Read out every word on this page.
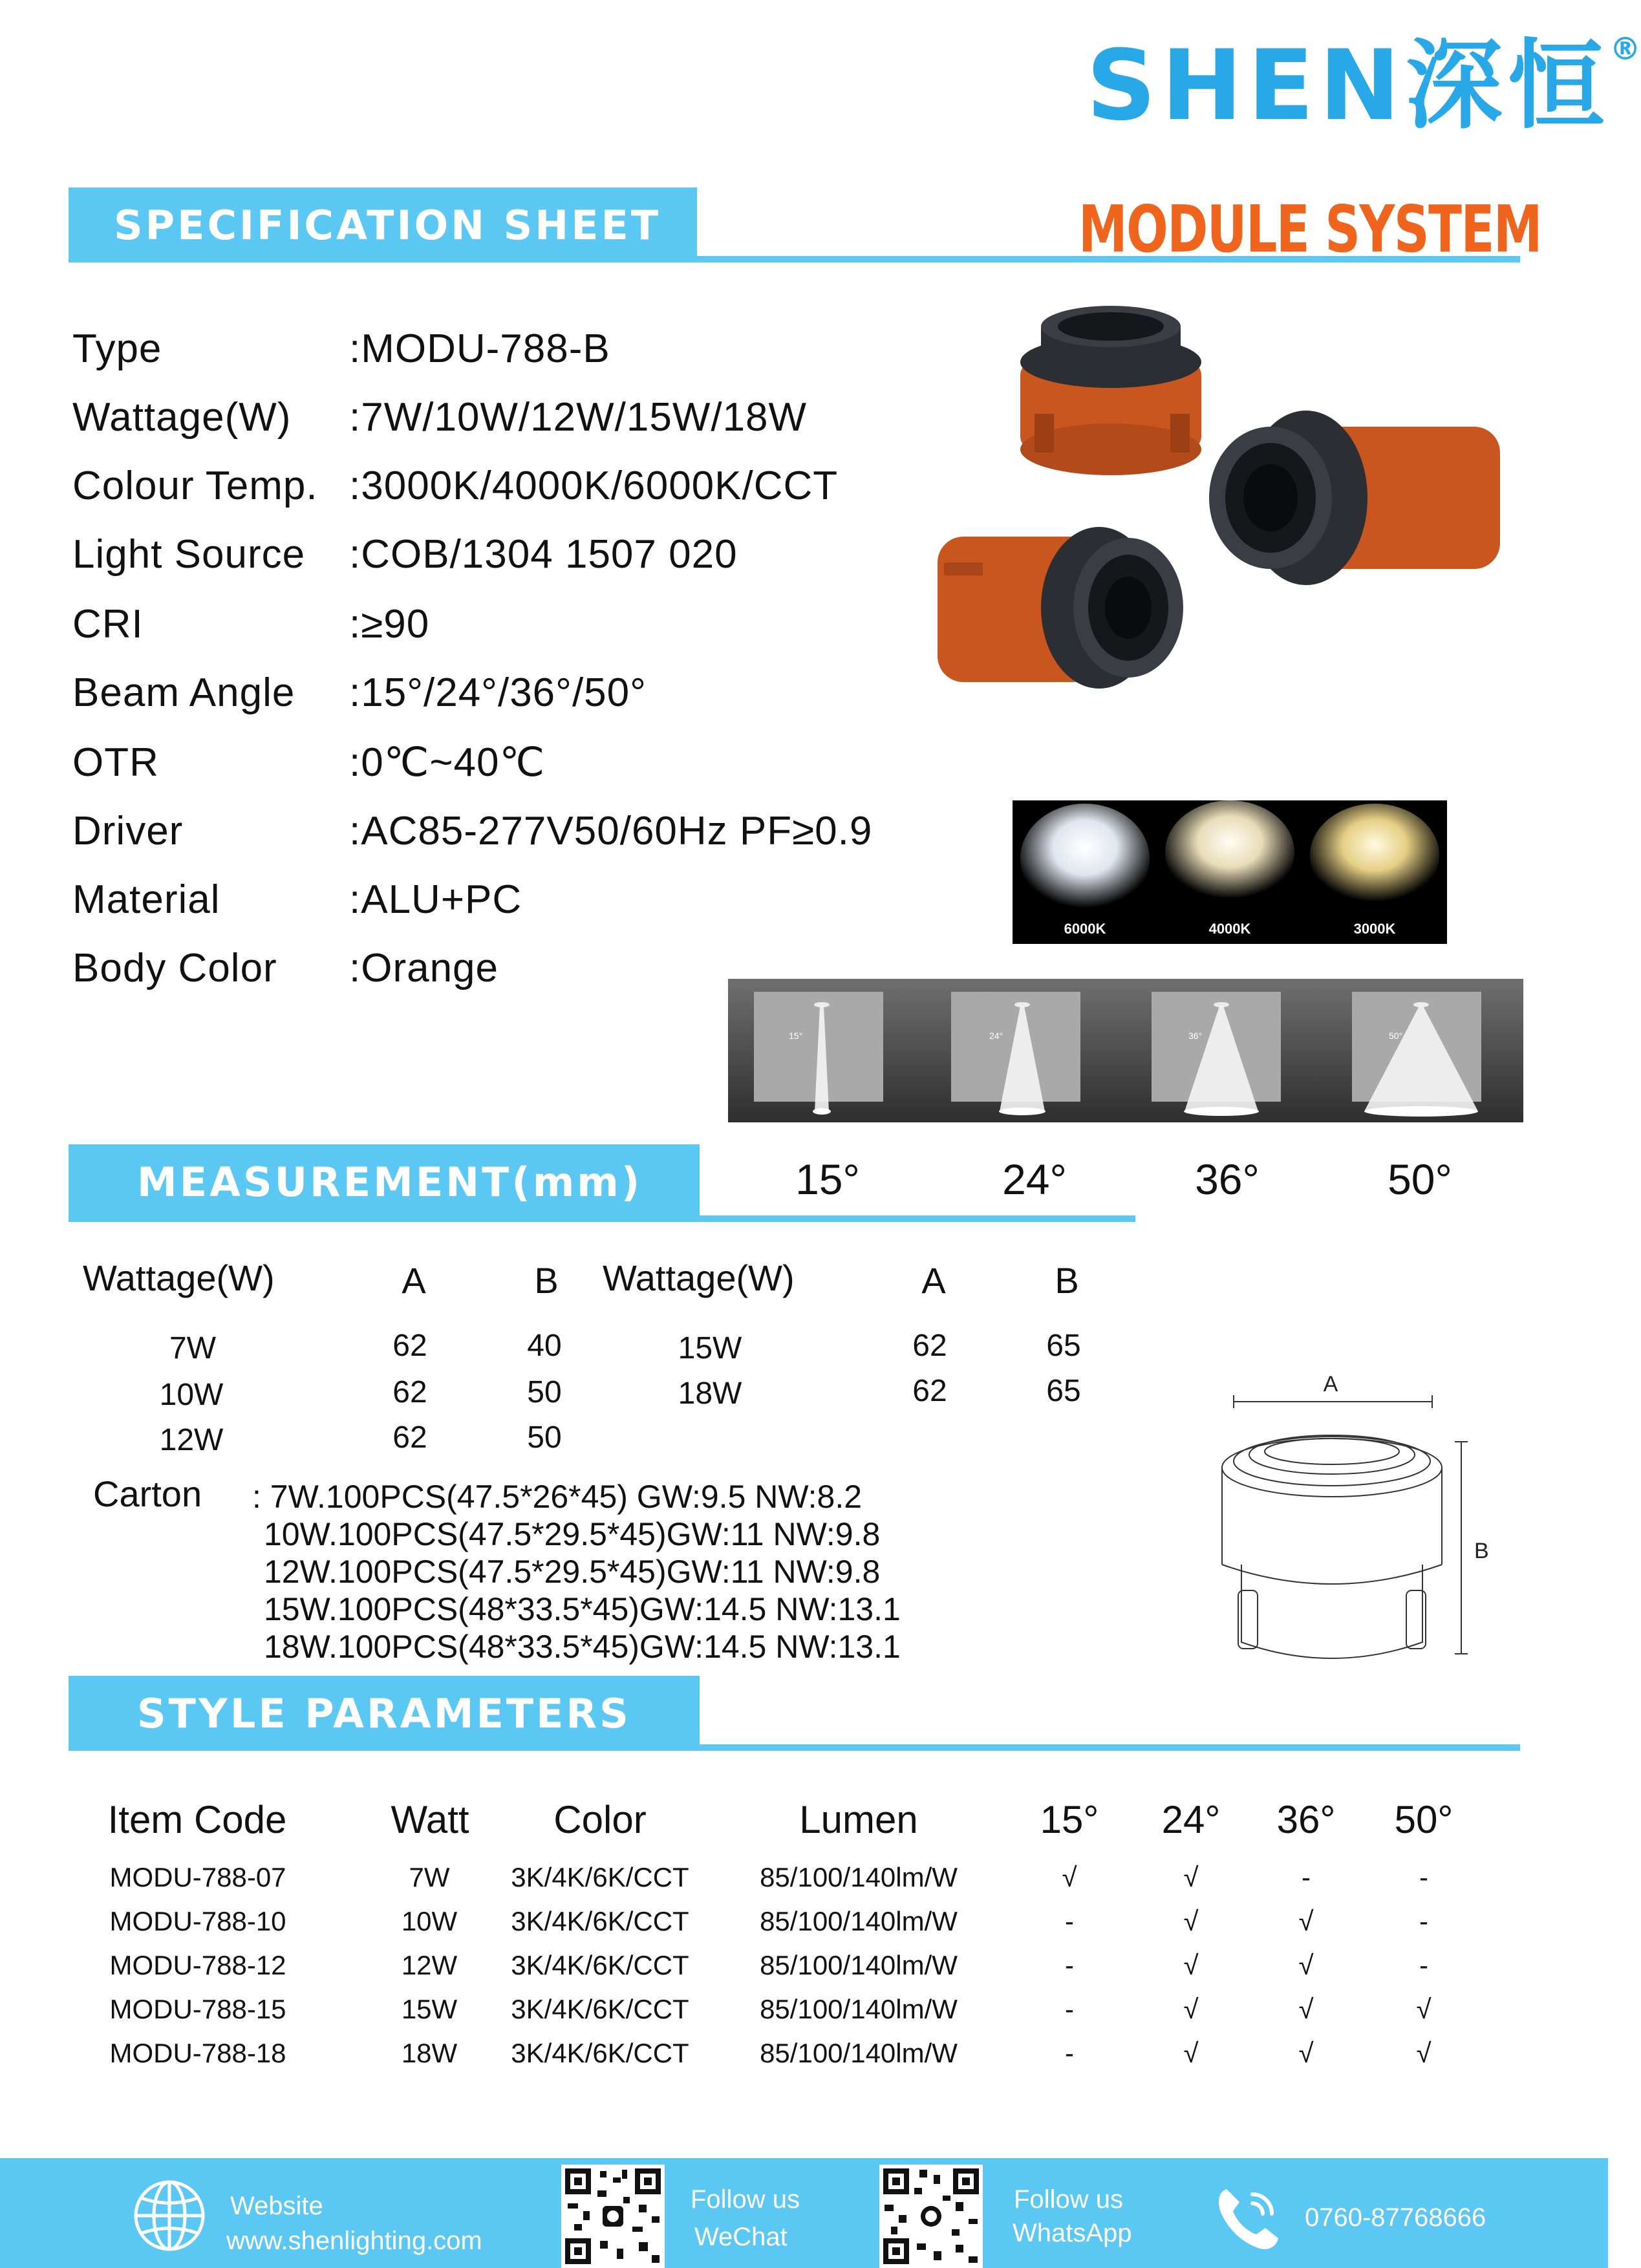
SHEN深恒®
SPECIFICATION SHEET	MODULE SYSTEM
Type	:MODU-788-B
Wattage(W) :7W/10W/12W/15W/18W
Colour Temp. :3000K/4000K/6000K/CCT
Light Source :COB/1304 1507 020
CRI	:≥90
Beam Angle :15°/24°/36°/50°
OTR	:0℃~40℃
Driver	:AC85-277V50/60Hz PF≥0.9
Material	:ALU+PC
Body Color :Orange
6000K	4000K	3000K
15°	24°	36°	50°
MEASUREMENT(mm)	15°	24°	36°	50°
Wattage(W)	A	B Wattage(W)	A	B
7W	62	40
10W	62	50
12W	62	50
15W	62	65
18W	62	65
Carton : 7W.100PCS(47.5*26*45) GW:9.5 NW:8.2
10W.100PCS(47.5*29.5*45)GW:11 NW:9.8
12W.100PCS(47.5*29.5*45)GW:11 NW:9.8
15W.100PCS(48*33.5*45)GW:14.5 NW:13.1
18W.100PCS(48*33.5*45)GW:14.5 NW:13.1
A
B
STYLE PARAMETERS
Item Code	Watt Color	Lumen	15° 24° 36° 50°
MODU-788-07	7W 3K/4K/6K/CCT	85/100/140lm/W	√	√	-	-
MODU-788-10	10W 3K/4K/6K/CCT	85/100/140lm/W	-	√	√	-
MODU-788-12	12W 3K/4K/6K/CCT	85/100/140lm/W	-	√	√	-
MODU-788-15	15W 3K/4K/6K/CCT	85/100/140lm/W	-	√	√	√
MODU-788-18	18W 3K/4K/6K/CCT	85/100/140lm/W	-	√	√	√
Website
www.shenlighting.com
Follow us
WeChat
Follow us
WhatsApp
0760-87768666
